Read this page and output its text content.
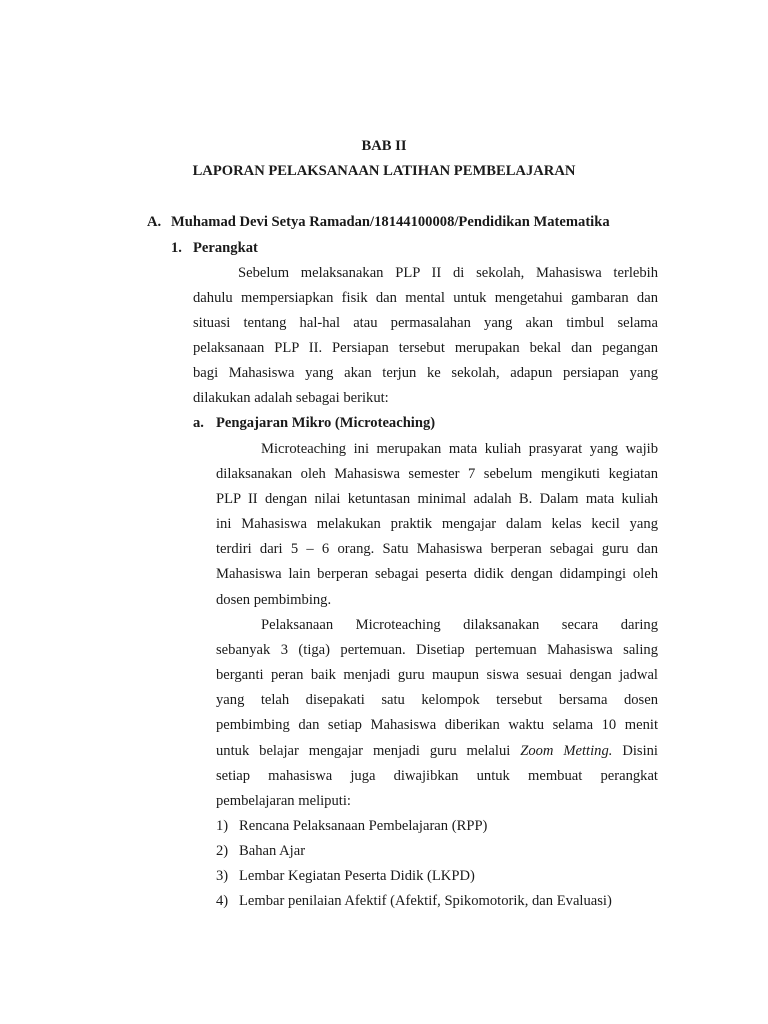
BAB II
LAPORAN PELAKSANAAN LATIHAN PEMBELAJARAN
A. Muhamad Devi Setya Ramadan/18144100008/Pendidikan Matematika
1. Perangkat
Sebelum melaksanakan PLP II di sekolah, Mahasiswa terlebih
dahulu mempersiapkan fisik dan mental untuk mengetahui gambaran dan
situasi tentang hal-hal atau permasalahan yang akan timbul selama
pelaksanaan PLP II. Persiapan tersebut merupakan bekal dan pegangan
bagi Mahasiswa yang akan terjun ke sekolah, adapun persiapan yang
dilakukan adalah sebagai berikut:
a. Pengajaran Mikro (Microteaching)
Microteaching ini merupakan mata kuliah prasyarat yang wajib
dilaksanakan oleh Mahasiswa semester 7 sebelum mengikuti kegiatan
PLP II dengan nilai ketuntasan minimal adalah B. Dalam mata kuliah
ini Mahasiswa melakukan praktik mengajar dalam kelas kecil yang
terdiri dari 5 – 6 orang. Satu Mahasiswa berperan sebagai guru dan
Mahasiswa lain berperan sebagai peserta didik dengan didampingi oleh
dosen pembimbing.
Pelaksanaan Microteaching dilaksanakan secara daring
sebanyak 3 (tiga) pertemuan. Disetiap pertemuan Mahasiswa saling
berganti peran baik menjadi guru maupun siswa sesuai dengan jadwal
yang telah disepakati satu kelompok tersebut bersama dosen
pembimbing dan setiap Mahasiswa diberikan waktu selama 10 menit
untuk belajar mengajar menjadi guru melalui Zoom Metting. Disini
setiap mahasiswa juga diwajibkan untuk membuat perangkat
pembelajaran meliputi:
1) Rencana Pelaksanaan Pembelajaran (RPP)
2) Bahan Ajar
3) Lembar Kegiatan Peserta Didik (LKPD)
4) Lembar penilaian Afektif (Afektif, Spikomotorik, dan Evaluasi)
